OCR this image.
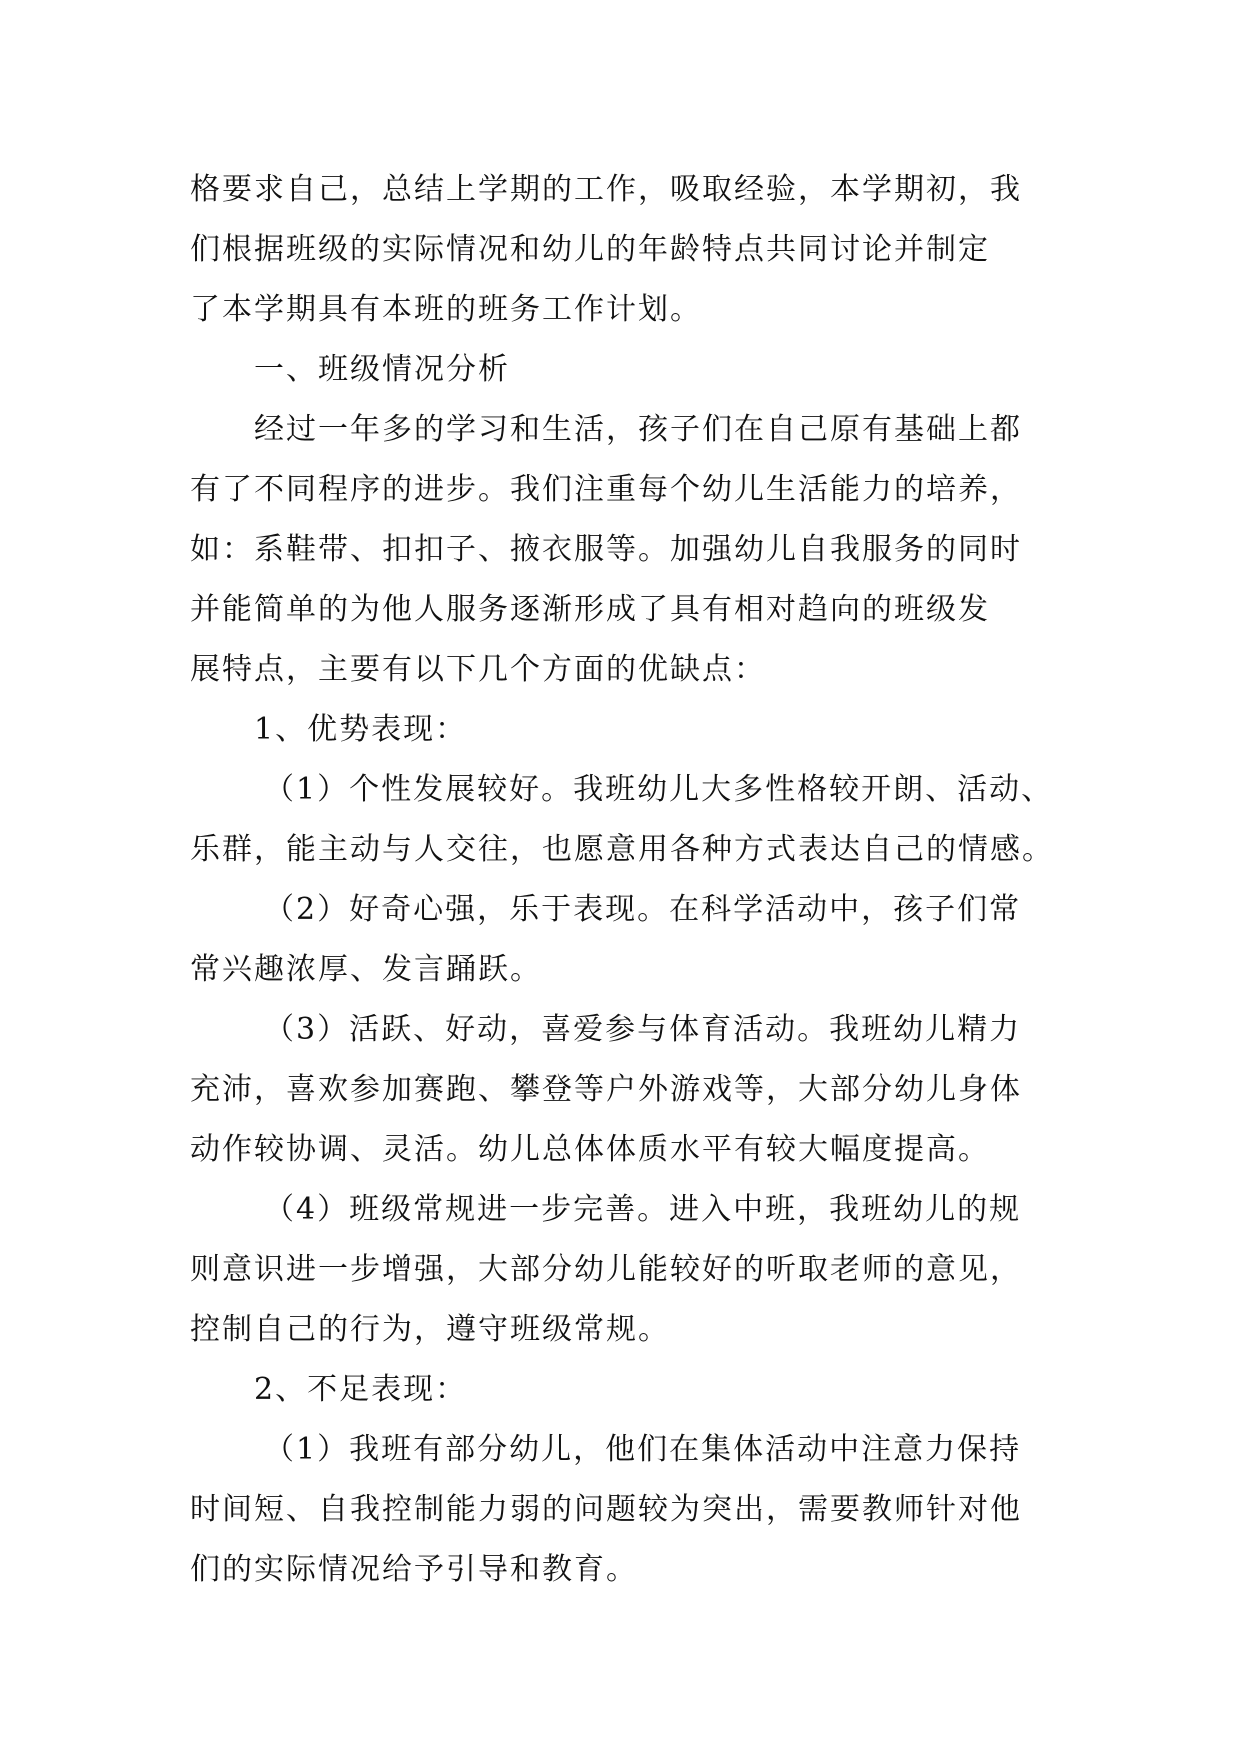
格要求自己，总结上学期的工作，吸取经验，本学期初，我
们根据班级的实际情况和幼儿的年龄特点共同讨论并制定
了本学期具有本班的班务工作计划。
一、班级情况分析
经过一年多的学习和生活，孩子们在自己原有基础上都
有了不同程序的进步。我们注重每个幼儿生活能力的培养，
如：系鞋带、扣扣子、掖衣服等。加强幼儿自我服务的同时
并能简单的为他人服务逐渐形成了具有相对趋向的班级发
展特点，主要有以下几个方面的优缺点：
1、优势表现：
（1）个性发展较好。我班幼儿大多性格较开朗、活动、
乐群，能主动与人交往，也愿意用各种方式表达自己的情感。
（2）好奇心强，乐于表现。在科学活动中，孩子们常
常兴趣浓厚、发言踊跃。
（3）活跃、好动，喜爱参与体育活动。我班幼儿精力
充沛，喜欢参加赛跑、攀登等户外游戏等，大部分幼儿身体
动作较协调、灵活。幼儿总体体质水平有较大幅度提高。
（4）班级常规进一步完善。进入中班，我班幼儿的规
则意识进一步增强，大部分幼儿能较好的听取老师的意见，
控制自己的行为，遵守班级常规。
2、不足表现：
（1）我班有部分幼儿，他们在集体活动中注意力保持
时间短、自我控制能力弱的问题较为突出，需要教师针对他
们的实际情况给予引导和教育。
